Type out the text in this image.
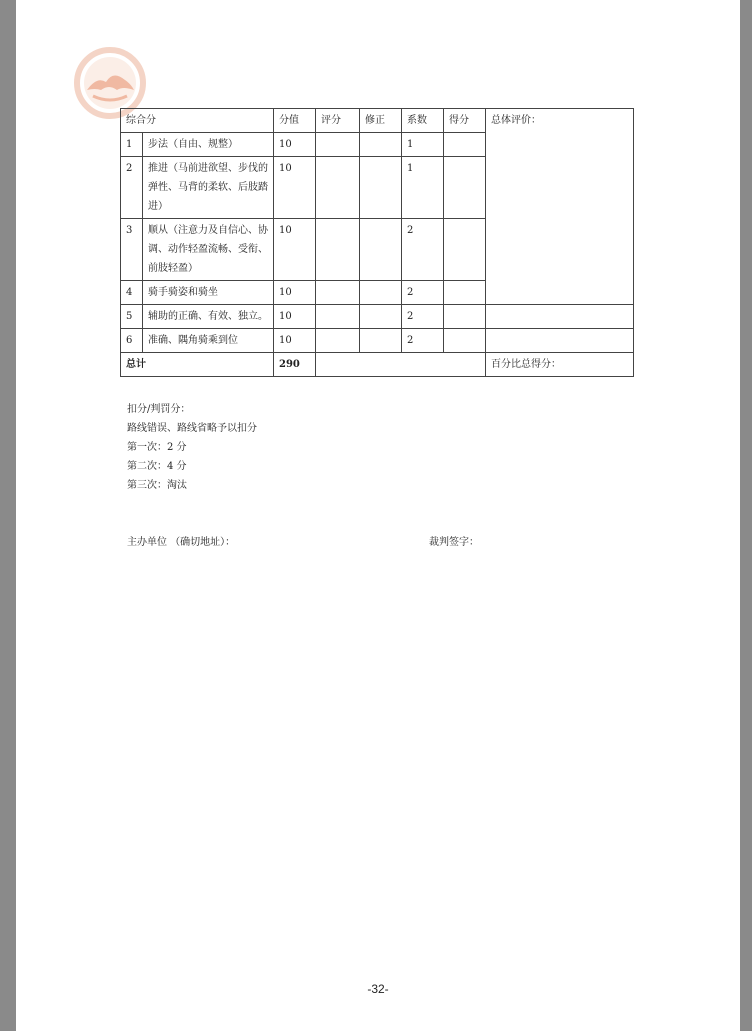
综合分		分值	评分	修正	系数	得分	总体评价：
1	步法（自由、规整）	10			1		
2	推进（马前进欲望、步伐的弹性、马背的柔软、后肢踏进）	10			1		
3	顺从（注意力及自信心、协调、动作轻盈流畅、受衔、前肢轻盈）	10			2		
4	骑手骑姿和骑坐	10			2		
5	辅助的正确、有效、独立。	10			2		
6	准确、隅角骑乘到位	10			2		
总计		290					百分比总得分：
扣分/判罚分：
路线错误、路线省略予以扣分
第一次：2 分
第二次：4 分
第三次：淘汰
主办单位 （确切地址）：	裁判签字：
-32-
